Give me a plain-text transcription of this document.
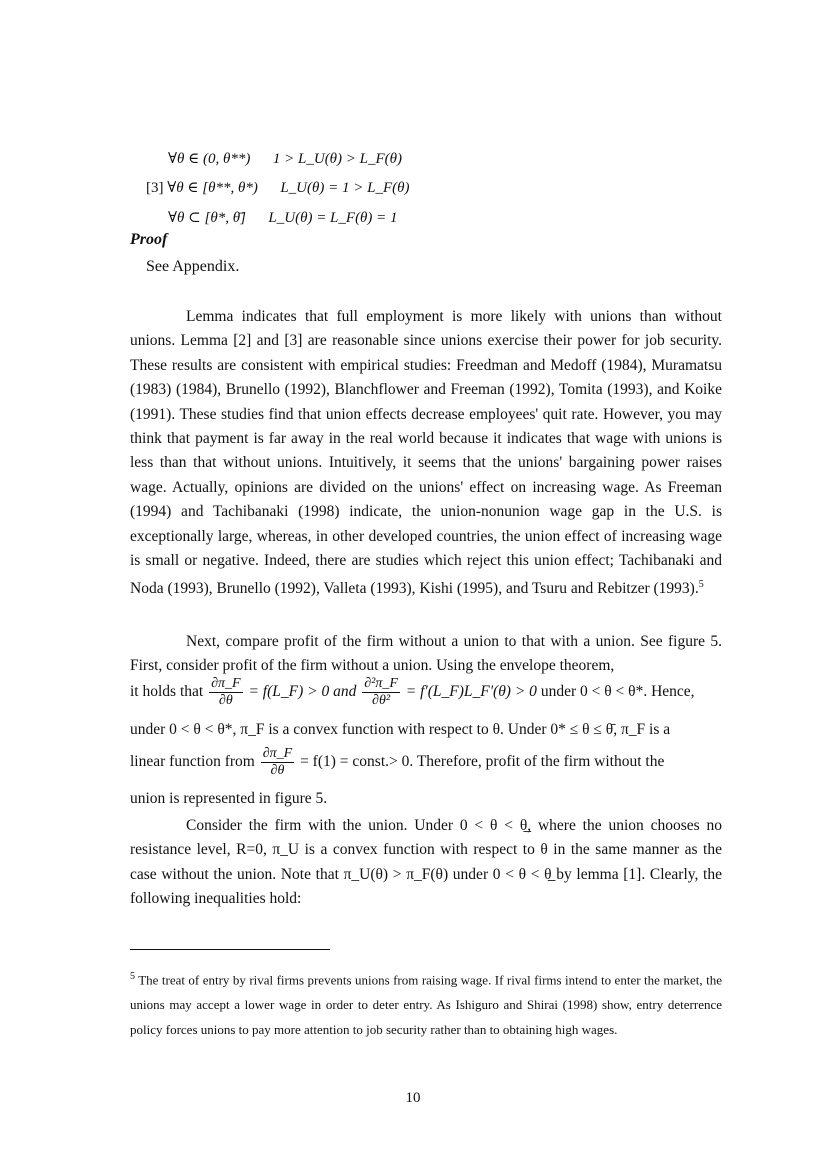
∀θ ∈ (0, θ**) 1 > L_U(θ) > L_F(θ)
[3] ∀θ ∈ [θ**, θ*) L_U(θ) = 1 > L_F(θ)
∀θ ⊂ [θ*, θ̄] L_U(θ) = L_F(θ) = 1
Proof
See Appendix.

Lemma indicates that full employment is more likely with unions than without unions. Lemma [2] and [3] are reasonable since unions exercise their power for job security. These results are consistent with empirical studies: Freedman and Medoff (1984), Muramatsu (1983) (1984), Brunello (1992), Blanchflower and Freeman (1992), Tomita (1993), and Koike (1991). These studies find that union effects decrease employees' quit rate. However, you may think that payment is far away in the real world because it indicates that wage with unions is less than that without unions. Intuitively, it seems that the unions' bargaining power raises wage. Actually, opinions are divided on the unions' effect on increasing wage. As Freeman (1994) and Tachibanaki (1998) indicate, the union-nonunion wage gap in the U.S. is exceptionally large, whereas, in other developed countries, the union effect of increasing wage is small or negative. Indeed, there are studies which reject this union effect; Tachibanaki and Noda (1993), Brunello (1992), Valleta (1993), Kishi (1995), and Tsuru and Rebitzer (1993).$^5$

Next, compare profit of the firm without a union to that with a union. See figure 5. First, consider profit of the firm without a union. Using the envelope theorem,

it holds that $\frac{\partial\pi\_F}{\partial\theta}$ = f(L_F) > 0 and $\frac{\text{∂²π\_F}}{\text{∂θ²}}$ = f'(L_F)L_F'(θ) > 0 under 0 < θ < θ*. Hence,
under 0 < θ < θ*, π_F is a convex function with respect to θ. Under 0* ≤ θ ≤ θ̄, π_F is a
linear function from $\frac{\partial\pi\_F}{\partial\theta} = f(1)$ = const.> 0. Therefore, profit of the firm without the
union is represented in figure 5.

Consider the firm with the union. Under 0 < θ < θ̲, where the union chooses no resistance level, R=0, π_U is a convex function with respect to θ in the same manner as the case without the union. Note that π_U(θ) > π_F(θ) under 0 < θ < θ̲ by lemma [1]. Clearly, the following inequalities hold:

$^5$ The treat of entry by rival firms prevents unions from raising wage. If rival firms intend to enter the market, the unions may accept a lower wage in order to deter entry. As Ishiguro and Shirai (1998) show, entry deterrence policy forces unions to pay more attention to job security rather than to obtaining high wages.

10
